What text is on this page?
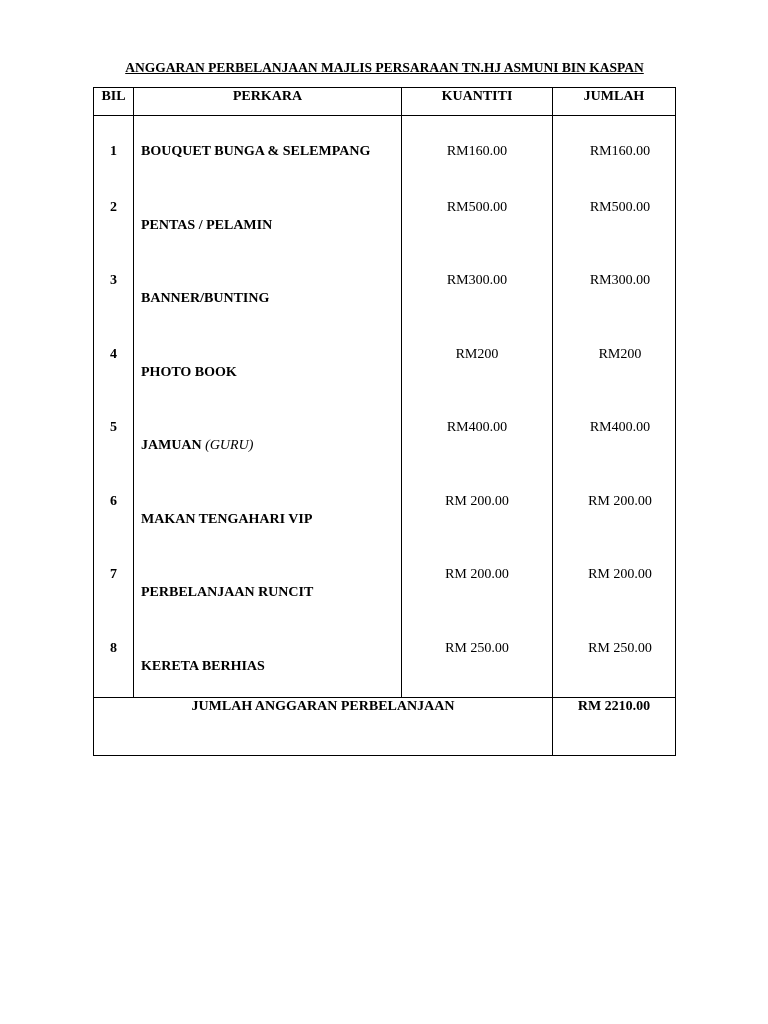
ANGGARAN PERBELANJAAN MAJLIS PERSARAAN TN.HJ ASMUNI BIN KASPAN
BIL	PERKARA	KUANTITI	JUMLAH

1	BOUQUET BUNGA & SELEMPANG	RM160.00	RM160.00
2	PENTAS / PELAMIN	RM500.00	RM500.00
3	BANNER/BUNTING	RM300.00	RM300.00
4	PHOTO BOOK	RM200	RM200
5	JAMUAN (GURU)	RM400.00	RM400.00
6	MAKAN TENGAHARI VIP	RM 200.00	RM 200.00
7	PERBELANJAAN RUNCIT	RM 200.00	RM 200.00
8	KERETA BERHIAS	RM 250.00	RM 250.00
JUMLAH ANGGARAN PERBELANJAAN			RM 2210.00
